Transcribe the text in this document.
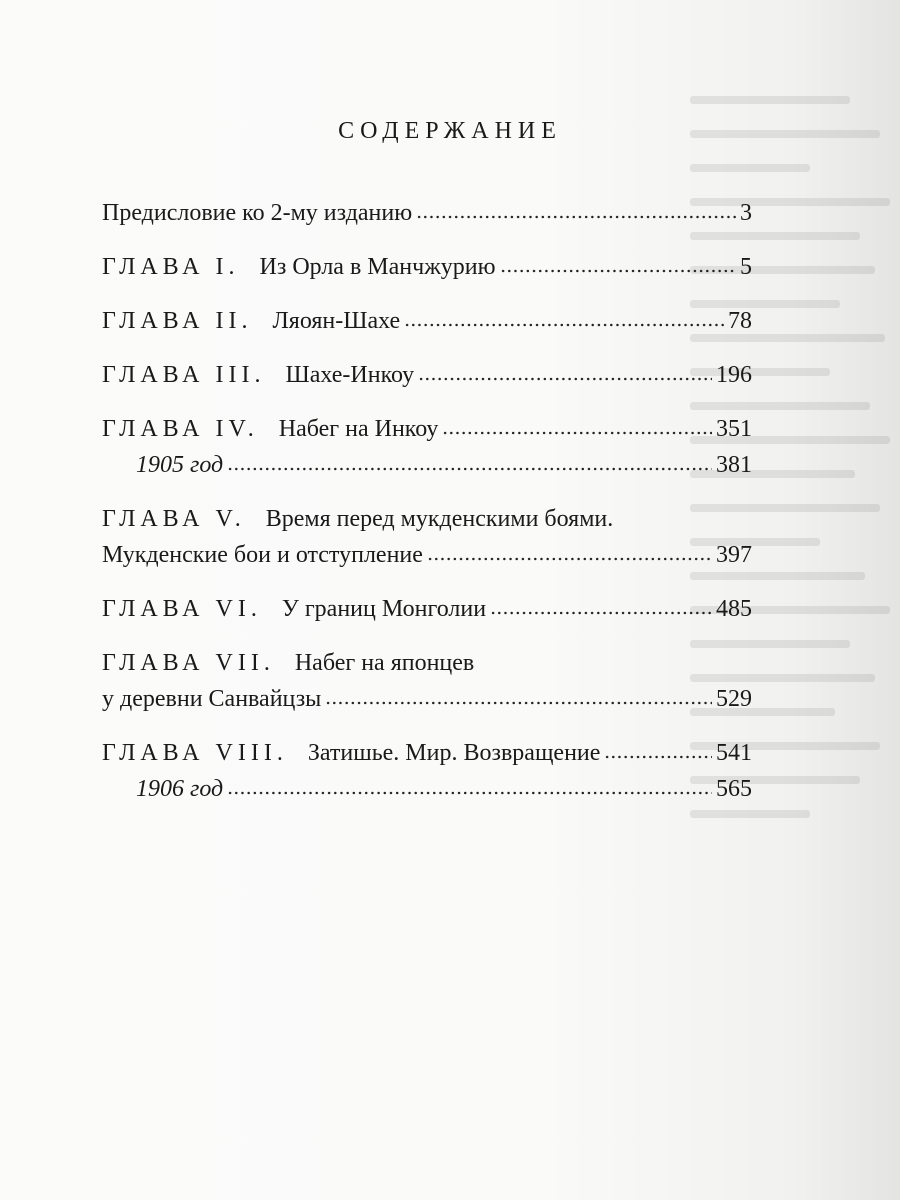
СОДЕРЖАНИЕ
Предисловие ко 2-му изданию	3
ГЛАВА I. Из Орла в Манчжурию	5
ГЛАВА II. Ляоян-Шахе	78
ГЛАВА III. Шахе-Инкоу	196
ГЛАВА IV. Набег на Инкоу	351
1905 год	381
ГЛАВА V. Время перед мукденскими боями.
Мукденские бои и отступление	397
ГЛАВА VI. У границ Монголии	485
ГЛАВА VII. Набег на японцев
у деревни Санвайцзы	529
ГЛАВА VIII. Затишье. Мир. Возвращение	541
1906 год	565
